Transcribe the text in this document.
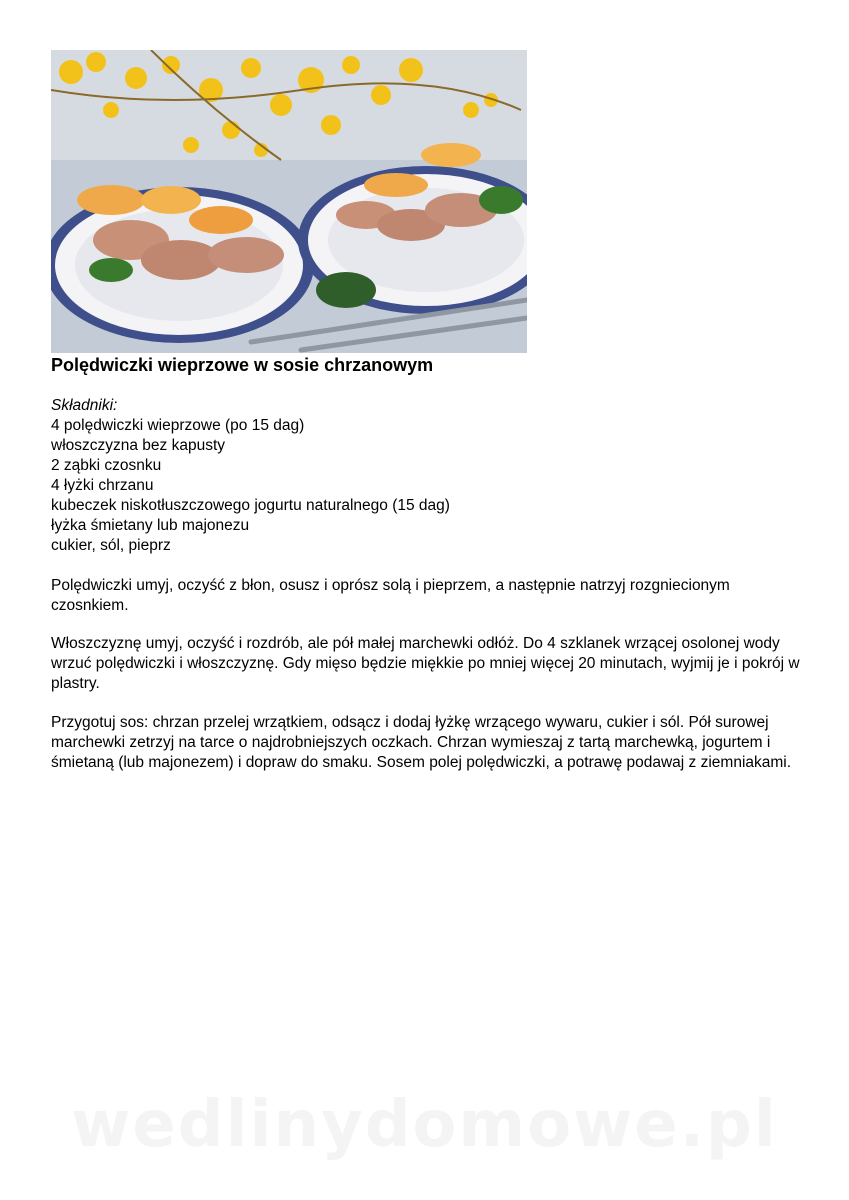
Polędwiczki wieprzowe w sosie chrzanowym
Składniki:
4 polędwiczki wieprzowe (po 15 dag)
włoszczyzna bez kapusty
2 ząbki czosnku
4 łyżki chrzanu
kubeczek niskotłuszczowego jogurtu naturalnego (15 dag)
łyżka śmietany lub majonezu
cukier, sól, pieprz

Polędwiczki umyj, oczyść z błon, osusz i oprósz solą i pieprzem, a następnie natrzyj rozgniecionym czosnkiem.

Włoszczyznę umyj, oczyść i rozdrób, ale pół małej marchewki odłóż. Do 4 szklanek wrzącej osolonej wody wrzuć polędwiczki i włoszczyznę. Gdy mięso będzie miękkie po mniej więcej 20 minutach, wyjmij je i pokrój w plastry.

Przygotuj sos: chrzan przelej wrzątkiem, odsącz i dodaj łyżkę wrzącego wywaru, cukier i sól. Pół surowej marchewki zetrzyj na tarce o najdrobniejszych oczkach. Chrzan wymieszaj z tartą marchewką, jogurtem i śmietaną (lub majonezem) i dopraw do smaku. Sosem polej polędwiczki, a potrawę podawaj z ziemniakami.

wedlinydomowe.pl
